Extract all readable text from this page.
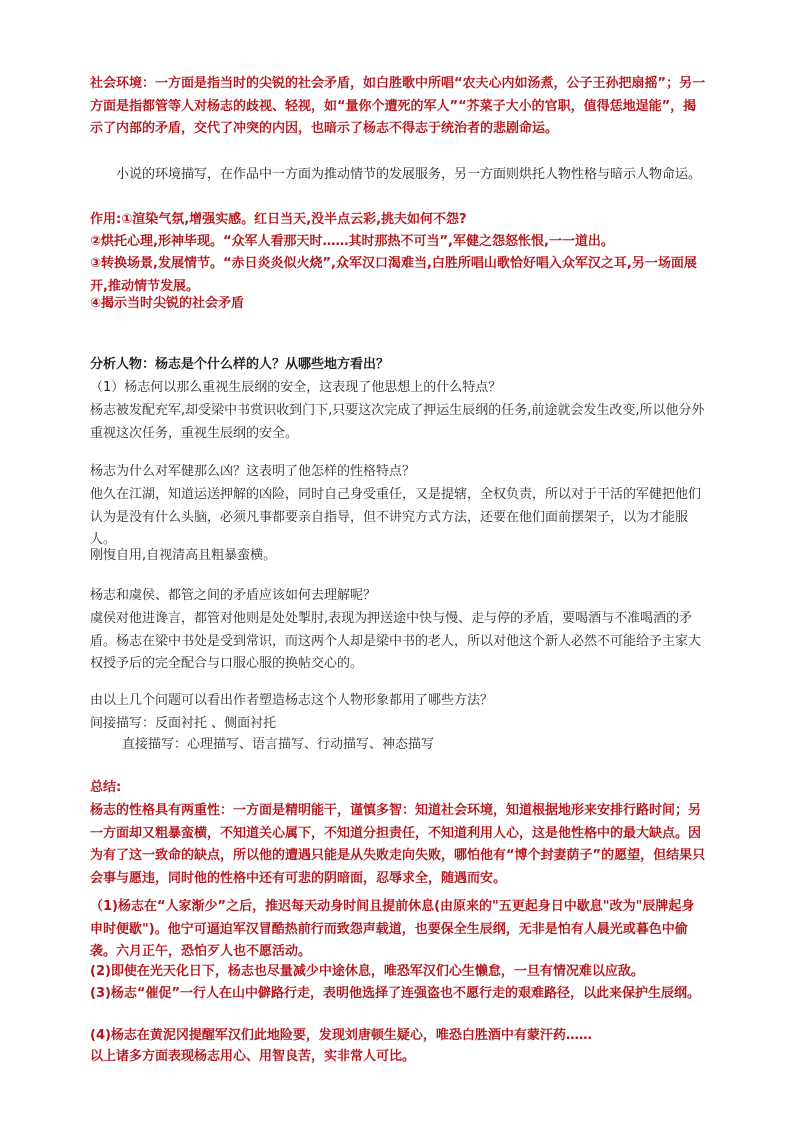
社会环境：一方面是指当时的尖锐的社会矛盾，如白胜歌中所唱“农夫心内如汤煮，公子王孙把扇摇”；另一方面是指都管等人对杨志的歧视、轻视，如“量你个遭死的军人”“芥菜子大小的官职，值得恁地逞能”，揭示了内部的矛盾，交代了冲突的内因，也暗示了杨志不得志于统治者的悲剧命运。

小说的环境描写，在作品中一方面为推动情节的发展服务，另一方面则烘托人物性格与暗示人物命运。

作用:①渲染气氛,增强实感。红日当天,没半点云彩,挑夫如何不怨?

②烘托心理,形神毕现。“众军人看那天时……其时那热不可当”,军健之怨怒怅恨,一一道出。

③转换场景,发展情节。“赤日炎炎似火烧”,众军汉口渴难当,白胜所唱山歌恰好唱入众军汉之耳,另一场面展开,推动情节发展。

④揭示当时尖锐的社会矛盾

分析人物：杨志是个什么样的人？从哪些地方看出？

（1）杨志何以那么重视生辰纲的安全，这表现了他思想上的什么特点？

杨志被发配充军,却受梁中书赏识收到门下,只要这次完成了押运生辰纲的任务,前途就会发生改变,所以他分外重视这次任务，重视生辰纲的安全。

杨志为什么对军健那么凶？这表明了他怎样的性格特点？

他久在江湖，知道运送押解的凶险，同时自己身受重任，又是提辖，全权负责，所以对于干活的军健把他们认为是没有什么头脑，必须凡事都要亲自指导，但不讲究方式方法，还要在他们面前摆架子，以为才能服人。

刚愎自用,自视清高且粗暴蛮横。

杨志和虞侯、都管之间的矛盾应该如何去理解呢？

虞侯对他进谗言，都管对他则是处处掣肘,表现为押送途中快与慢、走与停的矛盾，要喝酒与不准喝酒的矛盾。杨志在梁中书处是受到常识，而这两个人却是梁中书的老人，所以对他这个新人必然不可能给予主家大权授予后的完全配合与口服心服的换帖交心的。

由以上几个问题可以看出作者塑造杨志这个人物形象都用了哪些方法？

间接描写：反面衬托 、侧面衬托

直接描写：心理描写、语言描写、行动描写、神态描写

总结:

杨志的性格具有两重性：一方面是精明能干，谨慎多智：知道社会环境，知道根据地形来安排行路时间；另一方面却又粗暴蛮横，不知道关心属下，不知道分担责任，不知道利用人心，这是他性格中的最大缺点。因为有了这一致命的缺点，所以他的遭遇只能是从失败走向失败，哪怕他有“博个封妻荫子”的愿望，但结果只会事与愿违，同时他的性格中还有可悲的阴暗面，忍辱求全，随遇而安。

（1)杨志在“人家渐少”之后，推迟每天动身时间且提前休息(由原来的"五更起身日中歇息"改为"辰牌起身申时便歇")。他宁可逼迫军汉冒酷热前行而致怨声载道，也要保全生辰纲，无非是怕有人晨光或暮色中偷袭。六月正午，恐怕歹人也不愿活动。

(2)即使在光天化日下，杨志也尽量减少中途休息，唯恐军汉们心生懒怠，一旦有情况难以应敌。

(3)杨志“催促”一行人在山中僻路行走，表明他选择了连强盗也不愿行走的艰难路径，以此来保护生辰纲。

(4)杨志在黄泥冈提醒军汉们此地险要，发现刘唐顿生疑心，唯恐白胜酒中有蒙汗药……

以上诸多方面表现杨志用心、用智良苦，实非常人可比。
